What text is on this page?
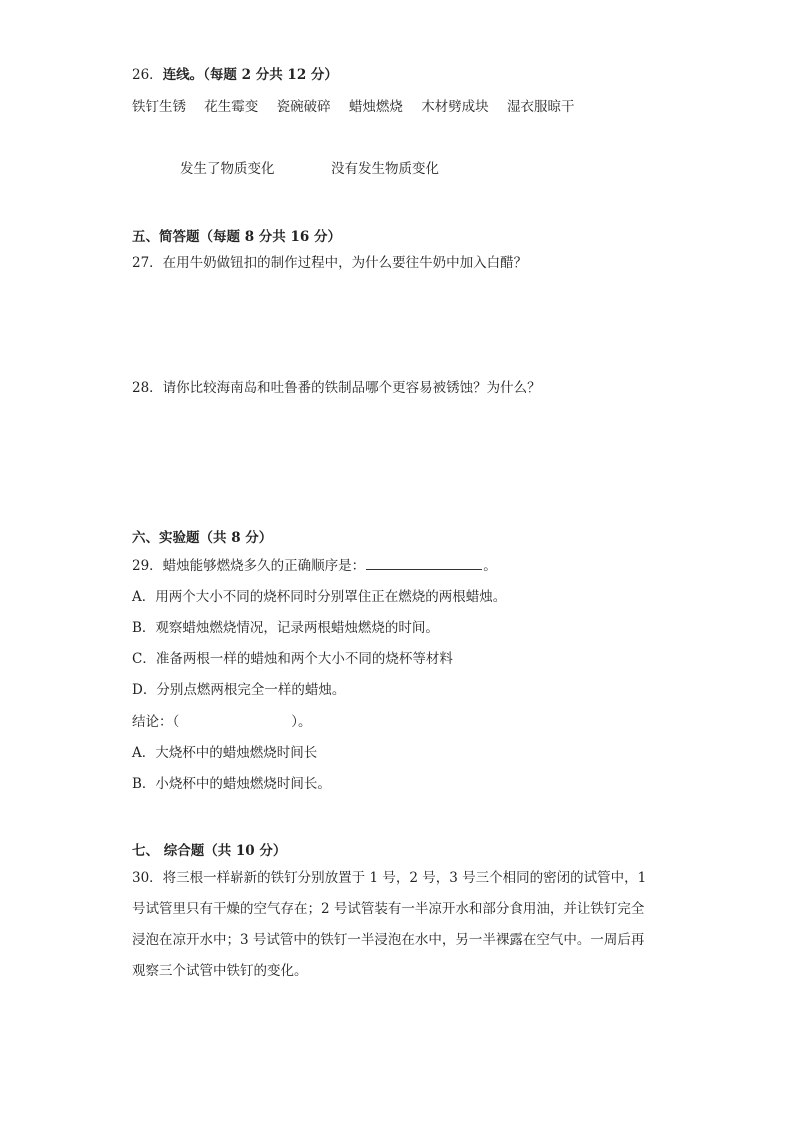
26．连线。（每题 2 分共 12 分）
铁钉生锈 花生霉变 瓷碗破碎 蜡烛燃烧 木材劈成块 湿衣服晾干
发生了物质变化	没有发生物质变化
五、简答题（每题 8 分共 16 分）
27．在用牛奶做钮扣的制作过程中，为什么要往牛奶中加入白醋？
28．请你比较海南岛和吐鲁番的铁制品哪个更容易被锈蚀？为什么？
六、实验题（共 8 分）
29．蜡烛能够燃烧多久的正确顺序是：	。
A．用两个大小不同的烧杯同时分别罩住正在燃烧的两根蜡烛。
B．观察蜡烛燃烧情况，记录两根蜡烛燃烧的时间。
C．准备两根一样的蜡烛和两个大小不同的烧杯等材料
D．分别点燃两根完全一样的蜡烛。
结论：（	）。
A．大烧杯中的蜡烛燃烧时间长
B．小烧杯中的蜡烛燃烧时间长。
七、 综合题（共 10 分）
30．将三根一样崭新的铁钉分别放置于 1 号，2 号，3 号三个相同的密闭的试管中，1
号试管里只有干燥的空气存在；2 号试管装有一半凉开水和部分食用油，并让铁钉完全
浸泡在凉开水中；3 号试管中的铁钉一半浸泡在水中，另一半裸露在空气中。一周后再
观察三个试管中铁钉的变化。
